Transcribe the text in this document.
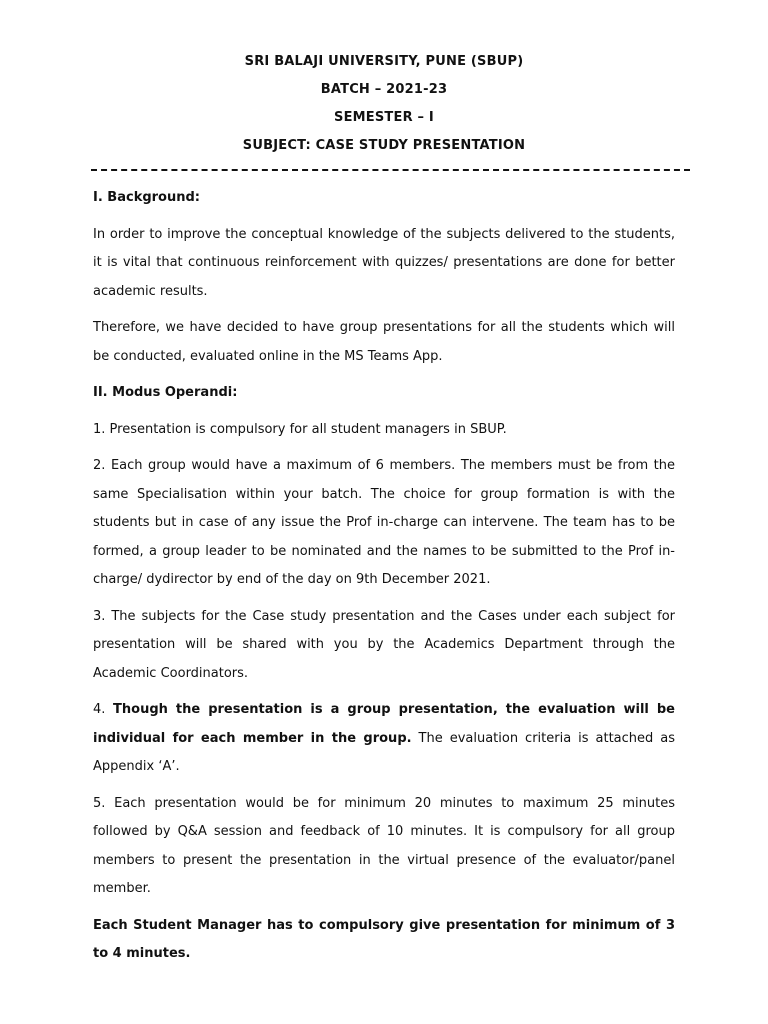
SRI BALAJI UNIVERSITY, PUNE (SBUP)
BATCH – 2021-23
SEMESTER – I
SUBJECT: CASE STUDY PRESENTATION
I. Background:

In order to improve the conceptual knowledge of the subjects delivered to the students, it is vital that continuous reinforcement with quizzes/ presentations are done for better academic results.

Therefore, we have decided to have group presentations for all the students which will be conducted, evaluated online in the MS Teams App.

II. Modus Operandi:

1. Presentation is compulsory for all student managers in SBUP.

2. Each group would have a maximum of 6 members. The members must be from the same Specialisation within your batch. The choice for group formation is with the students but in case of any issue the Prof in-charge can intervene. The team has to be formed, a group leader to be nominated and the names to be submitted to the Prof in-charge/ dydirector by end of the day on 9th December 2021.

3. The subjects for the Case study presentation and the Cases under each subject for presentation will be shared with you by the Academics Department through the Academic Coordinators.

4. Though the presentation is a group presentation, the evaluation will be individual for each member in the group. The evaluation criteria is attached as Appendix ‘A’.

5. Each presentation would be for minimum 20 minutes to maximum 25 minutes followed by Q&A session and feedback of 10 minutes. It is compulsory for all group members to present the presentation in the virtual presence of the evaluator/panel member.

Each Student Manager has to compulsory give presentation for minimum of 3 to 4 minutes.
